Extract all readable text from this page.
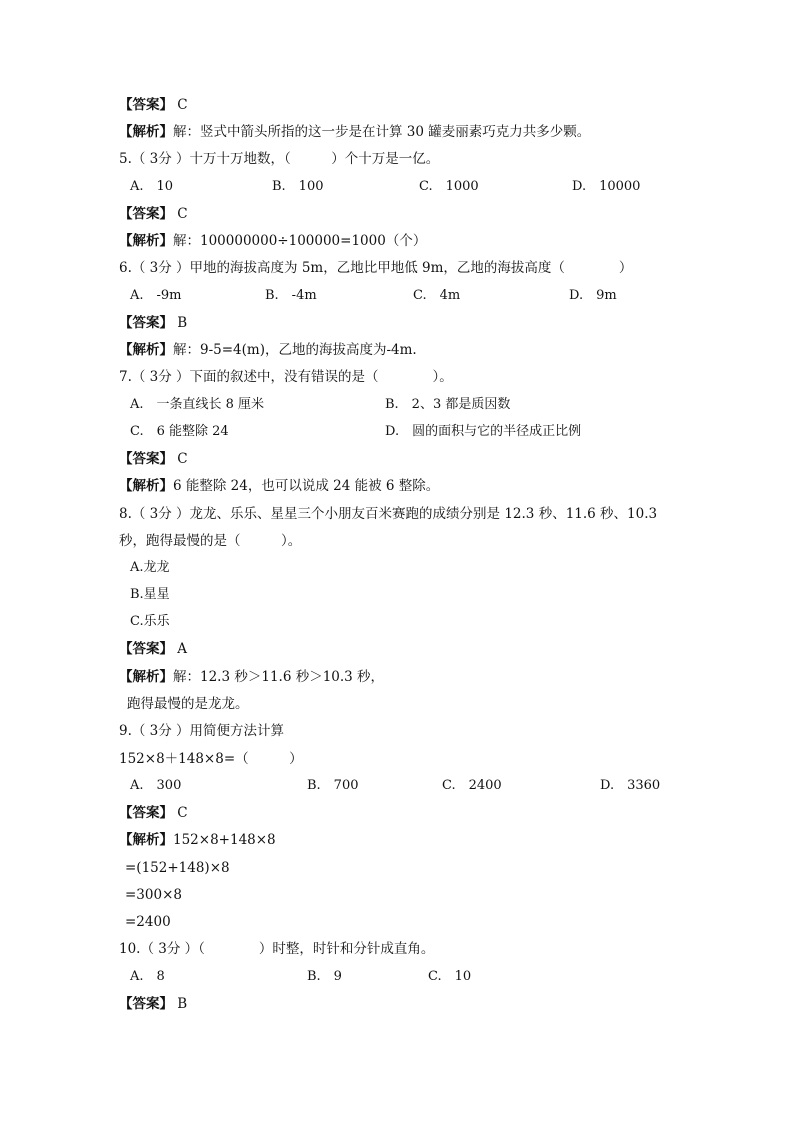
【答案】 C
【解析】解：竖式中箭头所指的这一步是在计算 30 罐麦丽素巧克力共多少颗。
5.（ 3分 ）十万十万地数，（　　　）个十万是一亿。
A.　10	B.　100	C.　1000	D.　10000
【答案】 C
【解析】解：100000000÷100000=1000（个）
6.（ 3分 ）甲地的海拔高度为 5m，乙地比甲地低 9m，乙地的海拔高度（　　　　）
A.　-9m	B.　-4m	C.　4m	D.　9m
【答案】 B
【解析】解：9-5=4(m)，乙地的海拔高度为-4m.
7.（ 3分 ）下面的叙述中，没有错误的是（　　　　）。
A.　一条直线长 8 厘米	B.　2、3 都是质因数
C.　6 能整除 24	D.　圆的面积与它的半径成正比例
【答案】 C
【解析】6 能整除 24，也可以说成 24 能被 6 整除。
8.（ 3分 ）龙龙、乐乐、星星三个小朋友百米赛跑的成绩分别是 12.3 秒、11.6 秒、10.3
秒，跑得最慢的是（　　　）。
A.龙龙
B.星星
C.乐乐
【答案】 A
【解析】解：12.3 秒＞11.6 秒＞10.3 秒，
跑得最慢的是龙龙。
9.（ 3分 ）用简便方法计算
152×8＋148×8=（　　　）
A.　300	B.　700	C.　2400	D.　3360
【答案】 C
【解析】152×8+148×8
=(152+148)×8
=300×8
=2400
10.（ 3分 ）（　　　　）时整，时针和分针成直角。
A.　8	B.　9	C.　10
【答案】 B
